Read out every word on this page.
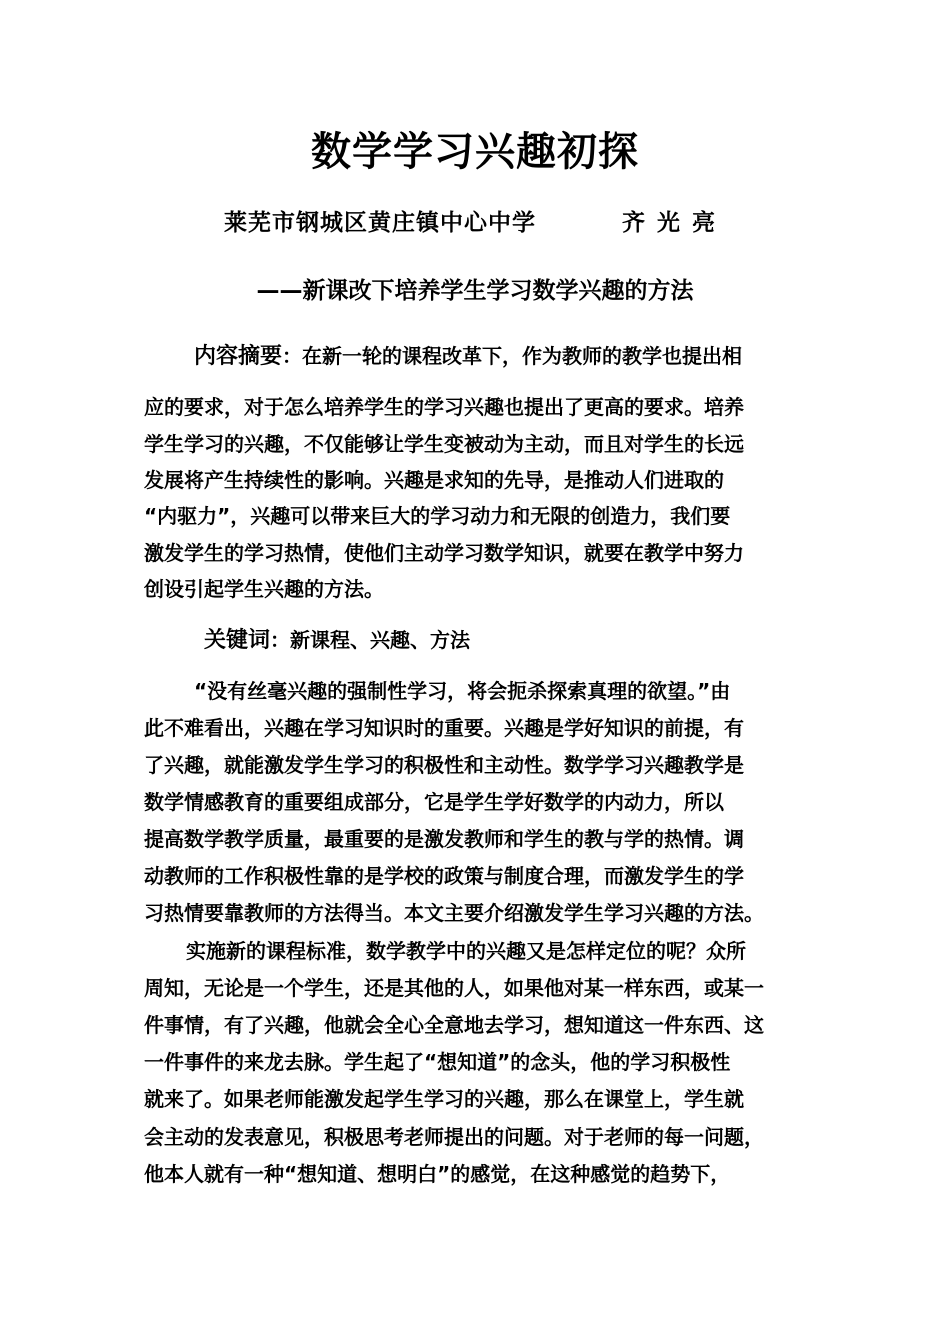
数学学习兴趣初探
莱芜市钢城区黄庄镇中心中学	齐光亮
——新课改下培养学生学习数学兴趣的方法
内容摘要：在新一轮的课程改革下，作为教师的教学也提出相
应的要求，对于怎么培养学生的学习兴趣也提出了更高的要求。培养
学生学习的兴趣，不仅能够让学生变被动为主动，而且对学生的长远
发展将产生持续性的影响。兴趣是求知的先导，是推动人们进取的
“内驱力”，兴趣可以带来巨大的学习动力和无限的创造力，我们要
激发学生的学习热情，使他们主动学习数学知识，就要在教学中努力
创设引起学生兴趣的方法。
关键词：新课程、兴趣、方法
“没有丝毫兴趣的强制性学习，将会扼杀探索真理的欲望。”由
此不难看出，兴趣在学习知识时的重要。兴趣是学好知识的前提，有
了兴趣，就能激发学生学习的积极性和主动性。数学学习兴趣教学是
数学情感教育的重要组成部分，它是学生学好数学的内动力，所以
提高数学教学质量，最重要的是激发教师和学生的教与学的热情。调
动教师的工作积极性靠的是学校的政策与制度合理，而激发学生的学
习热情要靠教师的方法得当。本文主要介绍激发学生学习兴趣的方法。
实施新的课程标准，数学教学中的兴趣又是怎样定位的呢？众所
周知，无论是一个学生，还是其他的人，如果他对某一样东西，或某一
件事情，有了兴趣，他就会全心全意地去学习，想知道这一件东西、这
一件事件的来龙去脉。学生起了“想知道”的念头，他的学习积极性
就来了。如果老师能激发起学生学习的兴趣，那么在课堂上，学生就
会主动的发表意见，积极思考老师提出的问题。对于老师的每一问题，
他本人就有一种“想知道、想明白”的感觉，在这种感觉的趋势下，
